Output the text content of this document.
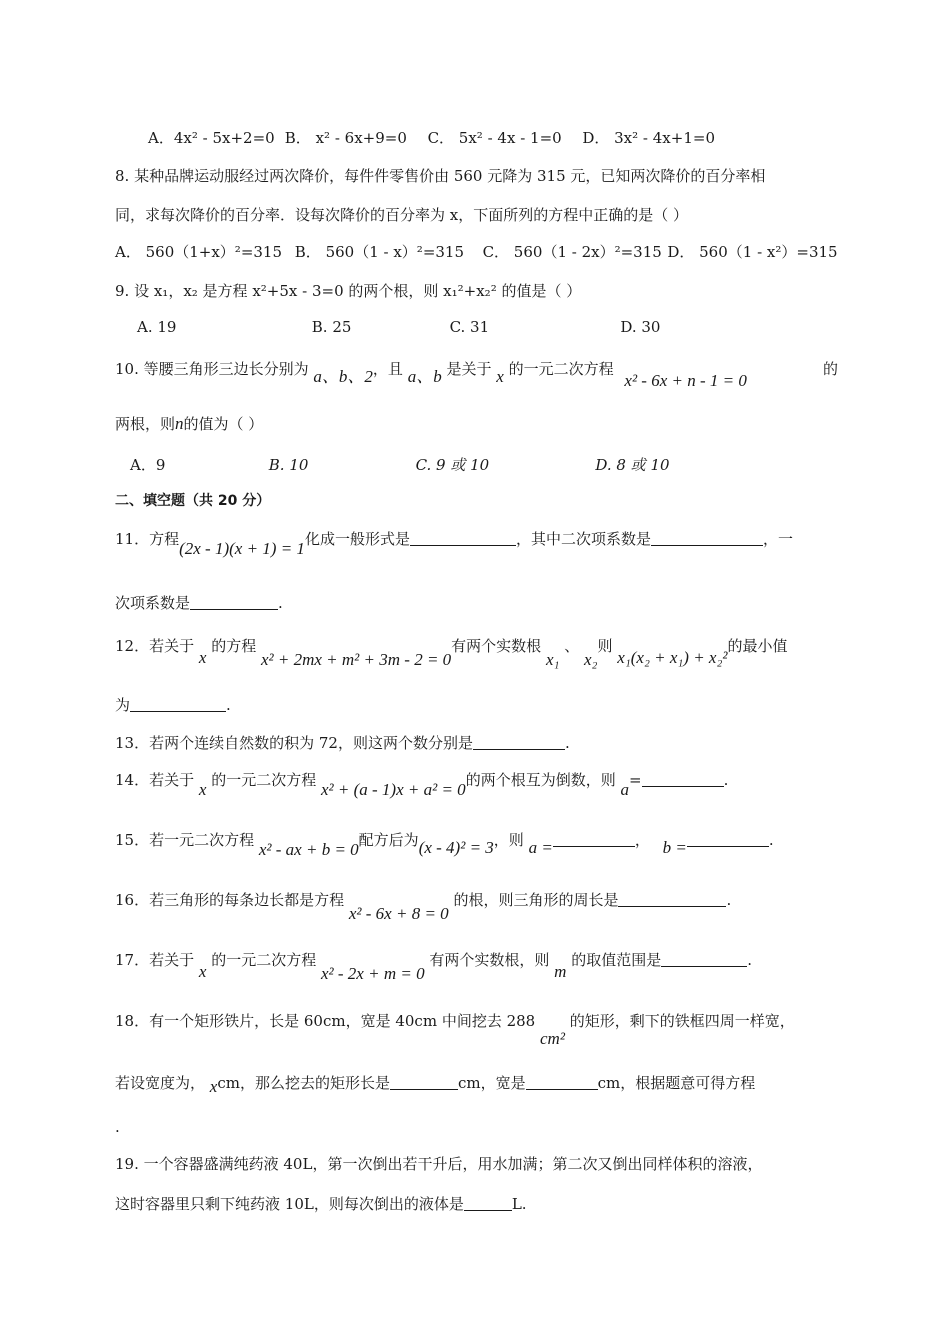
A．4x² - 5x+2=0 B． x² - 6x+9=0 C． 5x² - 4x - 1=0 D． 3x² - 4x+1=0
8. 某种品牌运动服经过两次降价，每件件零售价由 560 元降为 315 元，已知两次降价的百分率相
同，求每次降价的百分率．设每次降价的百分率为 x，下面所列的方程中正确的是（ ）
A． 560（1+x）²=315 B． 560（1 - x）²=315 C． 560（1 - 2x）²=315 D． 560（1 - x²）=315
9. 设 x₁，x₂ 是方程 x²+5x - 3=0 的两个根，则 x₁²+x₂² 的值是（ ）
A. 19	B. 25	C. 31	D. 30
10. 等腰三角形三边长分别为 a、b、2，且 a、b 是关于 x 的一元二次方程 x² - 6x + n - 1 = 0
的
两根，则n的值为（ ）
A．9	B. 10	C. 9 或 10	D. 8 或 10
二、填空题（共 20 分）
11．方程(2x - 1)(x + 1) = 1化成一般形式是	，其中二次项系数是	，一
次项系数是	.
12．若关于 x 的方程 x² + 2mx + m² + 3m - 2 = 0有两个实数根 x₁ 、 x₂则 x₁(x₂ + x₁) + x₂²的最小值
为	.
13．若两个连续自然数的积为 72，则这两个数分别是	.
14．若关于 x 的一元二次方程 x² + (a - 1)x + a² = 0的两个根互为倒数，则 a=	.
15．若一元二次方程 x² - ax + b = 0配方后为(x - 4)² = 3，则 a =	， b =	.
16．若三角形的每条边长都是方程 x² - 6x + 8 = 0 的根，则三角形的周长是	.
17．若关于 x 的一元二次方程 x² - 2x + m = 0 有两个实数根，则 m 的取值范围是	.
18．有一个矩形铁片，长是 60cm，宽是 40cm 中间挖去 288 cm² 的矩形，剩下的铁框四周一样宽，
若设宽度为， xcm，那么挖去的矩形长是	cm，宽是	cm，根据题意可得方程
.
19. 一个容器盛满纯药液 40L，第一次倒出若干升后，用水加满；第二次又倒出同样体积的溶液，
这时容器里只剩下纯药液 10L，则每次倒出的液体是	L.
